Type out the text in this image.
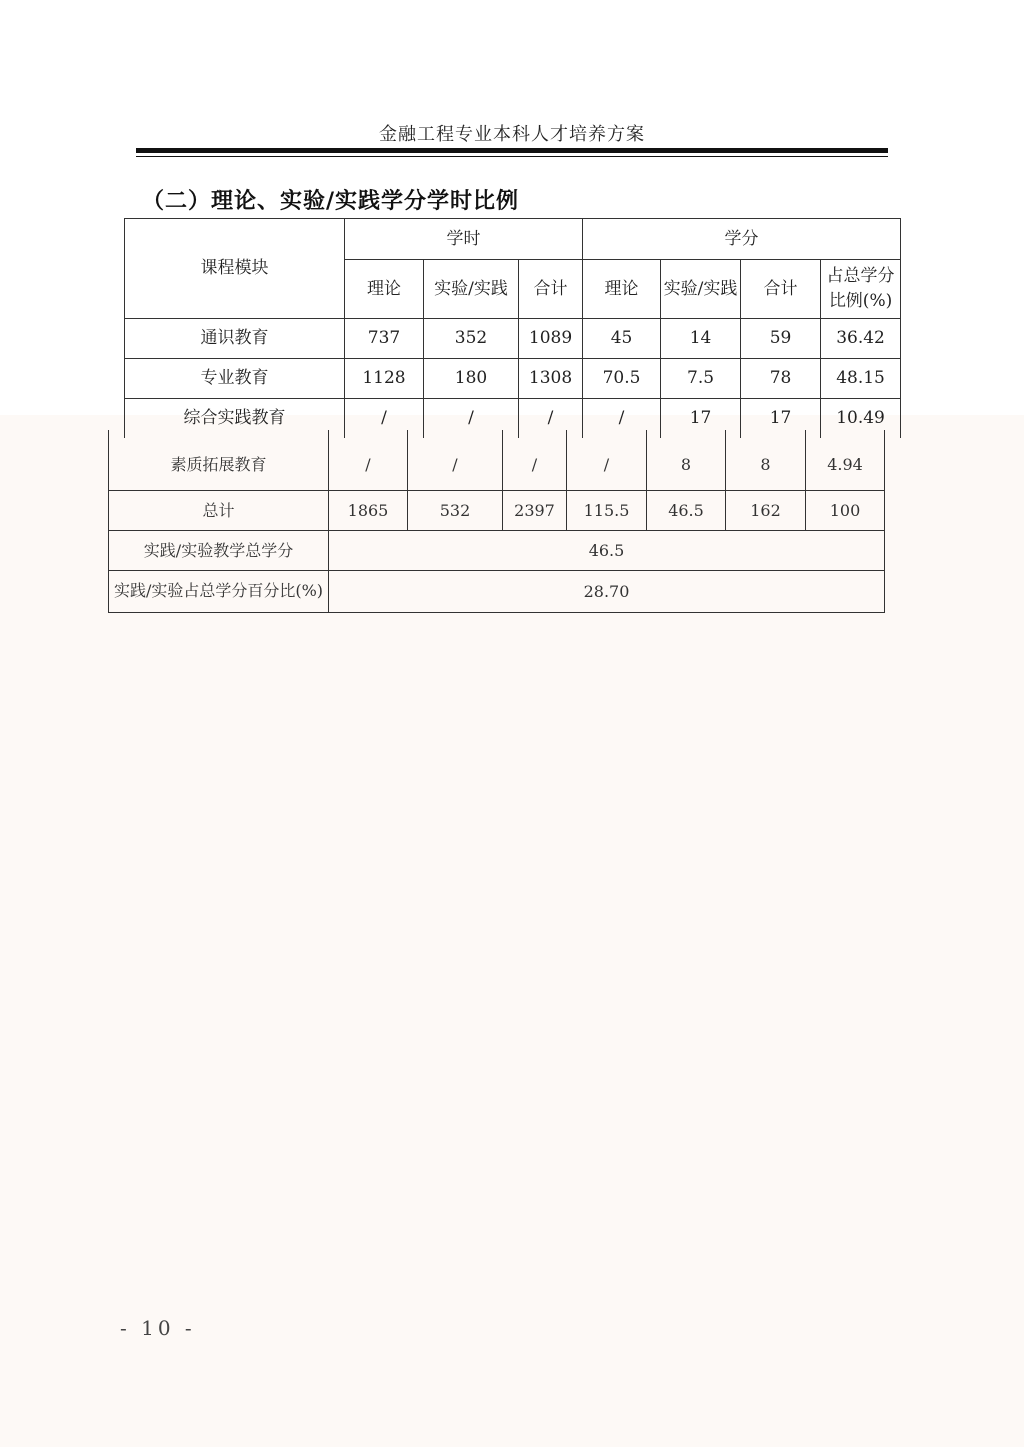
金融工程专业本科人才培养方案
（二）理论、实验/实践学分学时比例
课程模块	学时			学分			
	理论	实验/实践	合计	理论	实验/实践	合计	占总学分比例(%)
通识教育	737	352	1089	45	14	59	36.42
专业教育	1128	180	1308	70.5	7.5	78	48.15
综合实践教育	/	/	/	/	17	17	10.49
素质拓展教育	/	/	/	/	8	8	4.94
总计	1865	532	2397	115.5	46.5	162	100
实践/实验教学总学分	46.5						
实践/实验占总学分百分比(%)	28.70						
- 10 -
